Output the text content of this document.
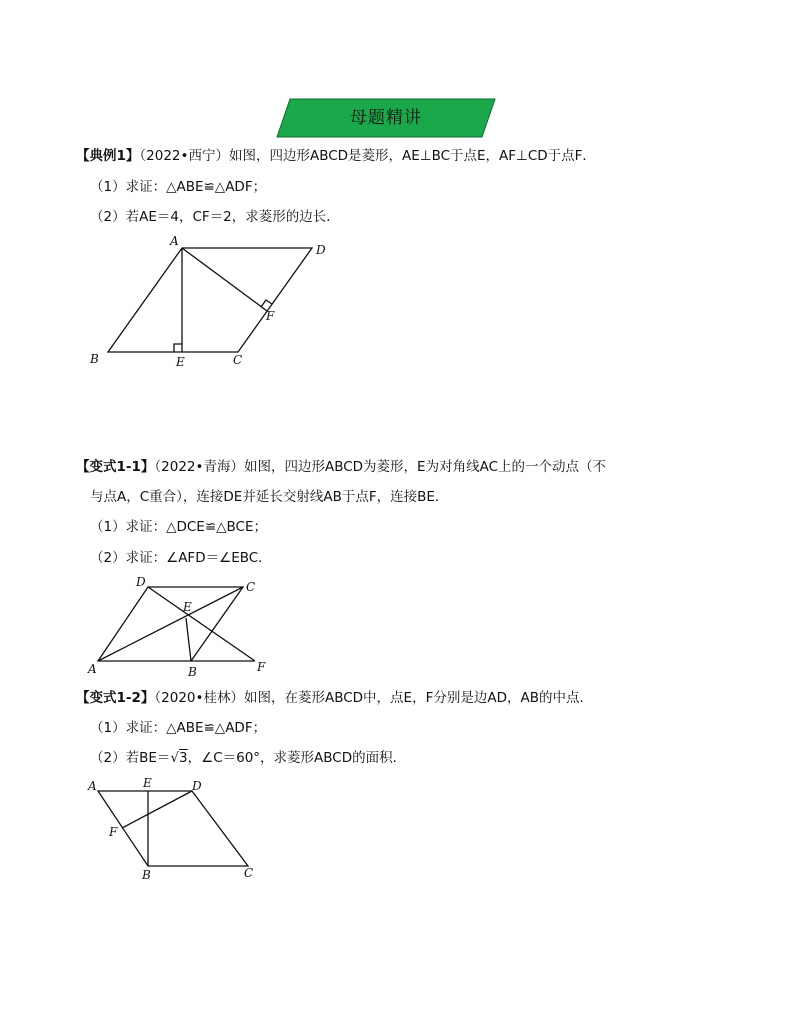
母题精讲
【典例1】（2022•西宁）如图，四边形ABCD是菱形，AE⊥BC于点E，AF⊥CD于点F．
（1）求证：△ABE≌△ADF；
（2）若AE＝4，CF＝2，求菱形的边长．
A
D
B	E	C
F
【变式1-1】（2022•青海）如图，四边形ABCD为菱形，E为对角线AC上的一个动点（不
与点A，C重合），连接DE并延长交射线AB于点F，连接BE．
（1）求证：△DCE≌△BCE；
（2）求证：∠AFD＝∠EBC．
D	C
E
A	B	F
【变式1-2】（2020•桂林）如图，在菱形ABCD中，点E，F分别是边AD，AB的中点．
（1）求证：△ABE≌△ADF；
（2）若BE＝√3，∠C＝60°，求菱形ABCD的面积．
A	E	D
F
B	C
